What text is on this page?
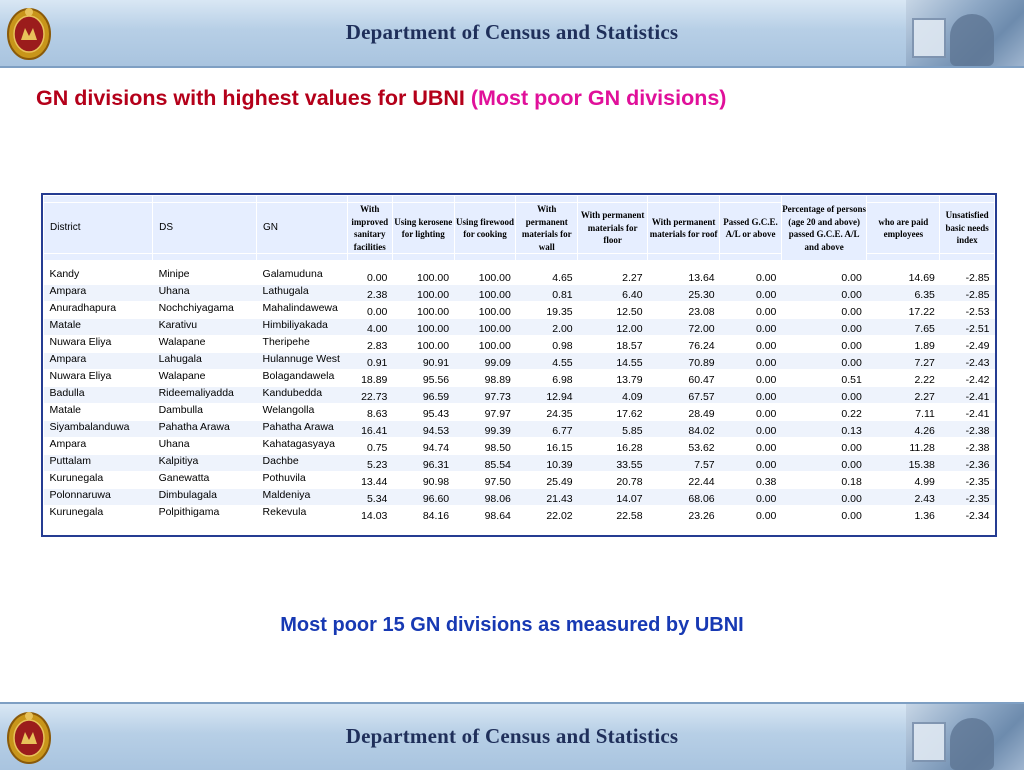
Department of Census and Statistics
GN divisions with highest values for UBNI (Most poor GN divisions)
										Percentage of persons (age 20 and above) passed G.C.E. A/L and above		
District	DS	GN	With improved sanitary facilities	Using kerosene for lighting	Using firewood for cooking	With permanent materials for wall	With permanent materials for floor	With permanent materials for roof	Passed G.C.E. A/L or above		who are paid employees	Unsatisfied basic needs index

Kandy	Minipe	Galamuduna	0.00	100.00	100.00	4.65	2.27	13.64	0.00	0.00	14.69	-2.85
Ampara	Uhana	Lathugala	2.38	100.00	100.00	0.81	6.40	25.30	0.00	0.00	6.35	-2.85
Anuradhapura	Nochchiyagama	Mahalindawewa	0.00	100.00	100.00	19.35	12.50	23.08	0.00	0.00	17.22	-2.53
Matale	Karativu	Himbiliyakada	4.00	100.00	100.00	2.00	12.00	72.00	0.00	0.00	7.65	-2.51
Nuwara Eliya	Walapane	Theripehe	2.83	100.00	100.00	0.98	18.57	76.24	0.00	0.00	1.89	-2.49
Ampara	Lahugala	Hulannuge West	0.91	90.91	99.09	4.55	14.55	70.89	0.00	0.00	7.27	-2.43
Nuwara Eliya	Walapane	Bolagandawela	18.89	95.56	98.89	6.98	13.79	60.47	0.00	0.51	2.22	-2.42
Badulla	Rideemaliyadda	Kandubedda	22.73	96.59	97.73	12.94	4.09	67.57	0.00	0.00	2.27	-2.41
Matale	Dambulla	Welangolla	8.63	95.43	97.97	24.35	17.62	28.49	0.00	0.22	7.11	-2.41
Siyambalanduwa	Pahatha Arawa	Pahatha Arawa	16.41	94.53	99.39	6.77	5.85	84.02	0.00	0.13	4.26	-2.38
Ampara	Uhana	Kahatagasyaya	0.75	94.74	98.50	16.15	16.28	53.62	0.00	0.00	11.28	-2.38
Puttalam	Kalpitiya	Dachbe	5.23	96.31	85.54	10.39	33.55	7.57	0.00	0.00	15.38	-2.36
Kurunegala	Ganewatta	Pothuvila	13.44	90.98	97.50	25.49	20.78	22.44	0.38	0.18	4.99	-2.35
Polonnaruwa	Dimbulagala	Maldeniya	5.34	96.60	98.06	21.43	14.07	68.06	0.00	0.00	2.43	-2.35
Kurunegala	Polpithigama	Rekevula	14.03	84.16	98.64	22.02	22.58	23.26	0.00	0.00	1.36	-2.34
Most poor 15 GN divisions as measured by UBNI
Department of Census and Statistics
